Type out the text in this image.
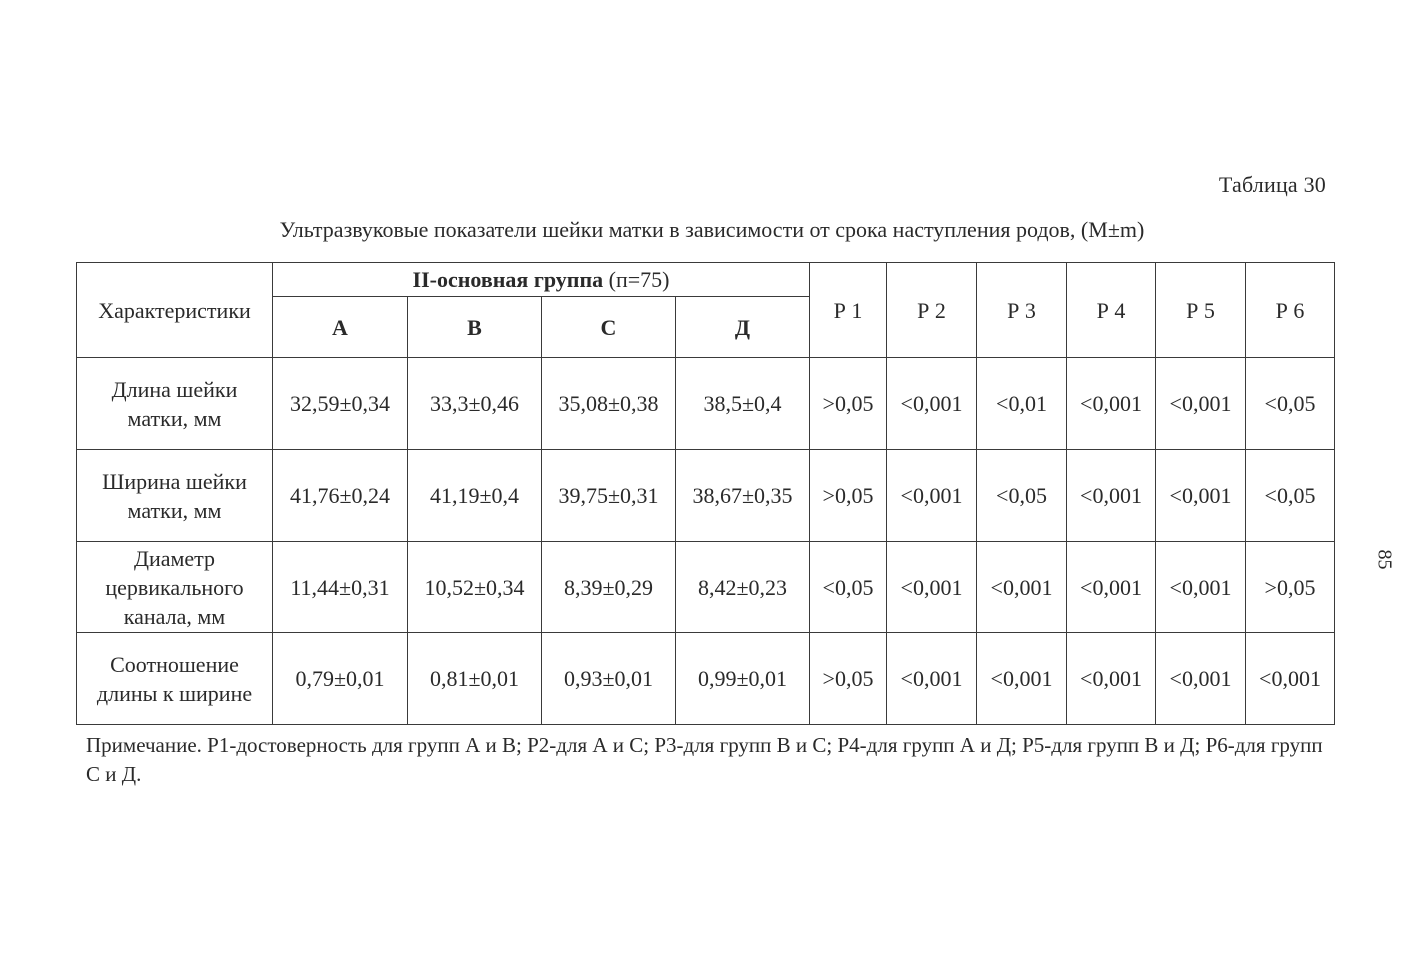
Таблица 30
Ультразвуковые показатели шейки матки в зависимости от срока наступления родов, (M±m)
Характеристики	II-основная группа (п=75)				Р 1	Р 2	Р 3	Р 4	Р 5	Р 6
	А	В	С	Д						
Длина шейки матки, мм	32,59±0,34	33,3±0,46	35,08±0,38	38,5±0,4	>0,05	<0,001	<0,01	<0,001	<0,001	<0,05
Ширина шейки матки, мм	41,76±0,24	41,19±0,4	39,75±0,31	38,67±0,35	>0,05	<0,001	<0,05	<0,001	<0,001	<0,05
Диаметр цервикального канала, мм	11,44±0,31	10,52±0,34	8,39±0,29	8,42±0,23	<0,05	<0,001	<0,001	<0,001	<0,001	>0,05
Соотношение длины к ширине	0,79±0,01	0,81±0,01	0,93±0,01	0,99±0,01	>0,05	<0,001	<0,001	<0,001	<0,001	<0,001
Примечание. Р1-достоверность для групп А и В; Р2-для А и С; Р3-для групп В и С; Р4-для групп А и Д; Р5-для групп В и Д; Р6-для групп С и Д.
85
